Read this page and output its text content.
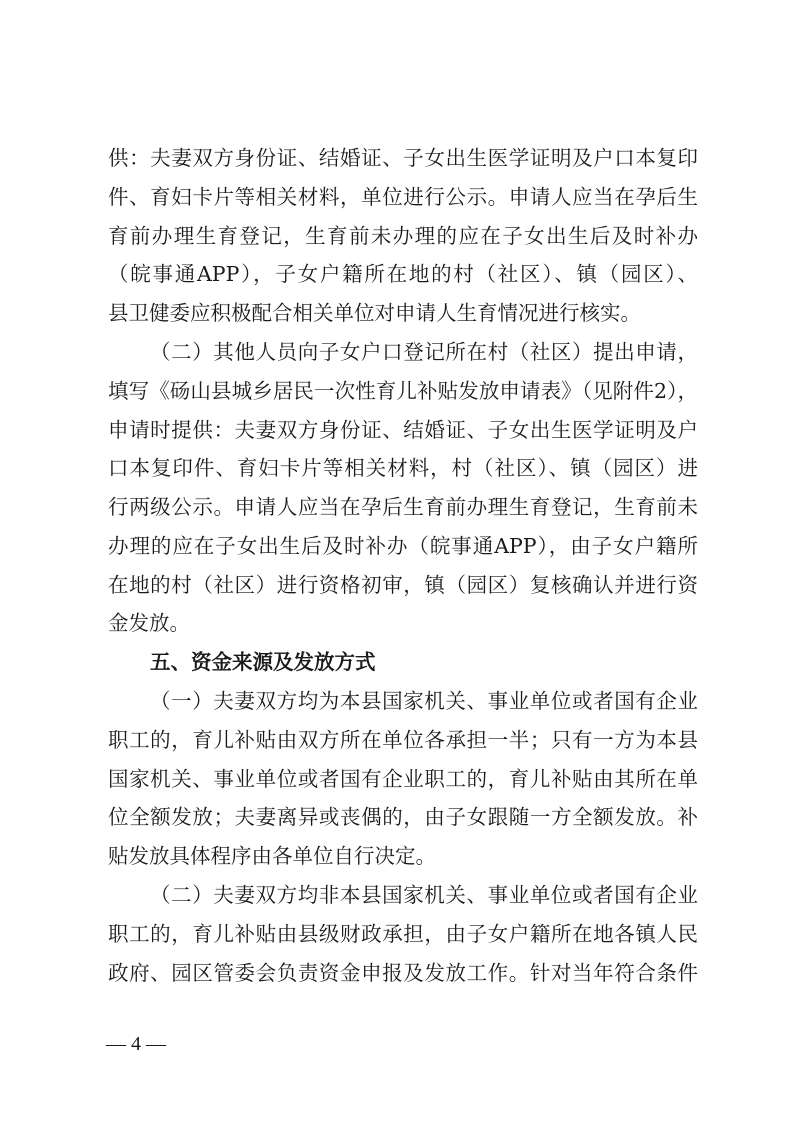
供：夫妻双方身份证、结婚证、子女出生医学证明及户口本复印
件、育妇卡片等相关材料，单位进行公示。申请人应当在孕后生
育前办理生育登记，生育前未办理的应在子女出生后及时补办
（皖事通APP），子女户籍所在地的村（社区）、镇（园区）、
县卫健委应积极配合相关单位对申请人生育情况进行核实。
（二）其他人员向子女户口登记所在村（社区）提出申请，
填写《砀山县城乡居民一次性育儿补贴发放申请表》（见附件2），
申请时提供：夫妻双方身份证、结婚证、子女出生医学证明及户
口本复印件、育妇卡片等相关材料，村（社区）、镇（园区）进
行两级公示。申请人应当在孕后生育前办理生育登记，生育前未
办理的应在子女出生后及时补办（皖事通APP），由子女户籍所
在地的村（社区）进行资格初审，镇（园区）复核确认并进行资
金发放。
五、资金来源及发放方式
（一）夫妻双方均为本县国家机关、事业单位或者国有企业
职工的，育儿补贴由双方所在单位各承担一半；只有一方为本县
国家机关、事业单位或者国有企业职工的，育儿补贴由其所在单
位全额发放；夫妻离异或丧偶的，由子女跟随一方全额发放。补
贴发放具体程序由各单位自行决定。
（二）夫妻双方均非本县国家机关、事业单位或者国有企业
职工的，育儿补贴由县级财政承担，由子女户籍所在地各镇人民
政府、园区管委会负责资金申报及发放工作。针对当年符合条件
— 4 —
